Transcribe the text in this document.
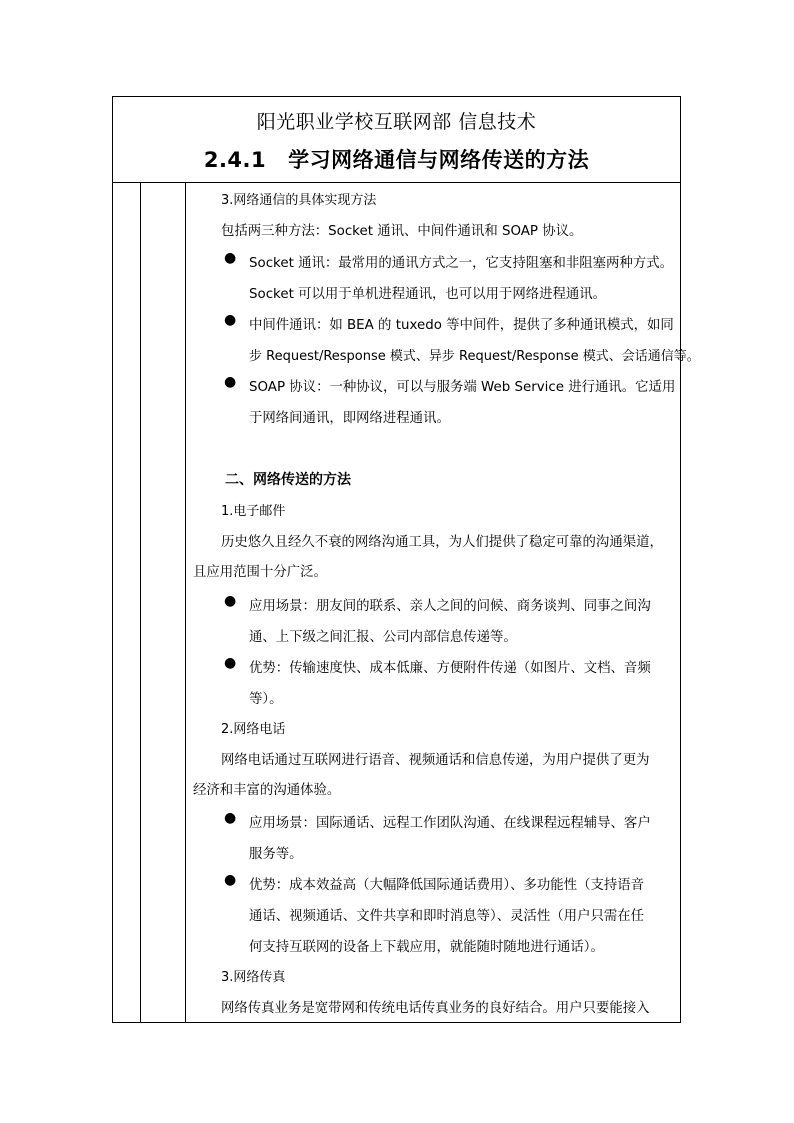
阳光职业学校互联网部 信息技术
2.4.1 学习网络通信与网络传送的方法
3.网络通信的具体实现方法
包括两三种方法：Socket 通讯、中间件通讯和 SOAP 协议。
● Socket 通讯：最常用的通讯方式之一，它支持阻塞和非阻塞两种方式。
Socket 可以用于单机进程通讯，也可以用于网络进程通讯。
● 中间件通讯：如 BEA 的 tuxedo 等中间件，提供了多种通讯模式，如同
步 Request/Response 模式、异步 Request/Response 模式、会话通信等。
● SOAP 协议：一种协议，可以与服务端 Web Service 进行通讯。它适用
于网络间通讯，即网络进程通讯。
二、网络传送的方法
1.电子邮件
历史悠久且经久不衰的网络沟通工具，为人们提供了稳定可靠的沟通渠道，
且应用范围十分广泛。
● 应用场景：朋友间的联系、亲人之间的问候、商务谈判、同事之间沟
通、上下级之间汇报、公司内部信息传递等。
● 优势：传输速度快、成本低廉、方便附件传递（如图片、文档、音频
等）。
2.网络电话
网络电话通过互联网进行语音、视频通话和信息传递，为用户提供了更为
经济和丰富的沟通体验。
● 应用场景：国际通话、远程工作团队沟通、在线课程远程辅导、客户
服务等。
● 优势：成本效益高（大幅降低国际通话费用）、多功能性（支持语音
通话、视频通话、文件共享和即时消息等）、灵活性（用户只需在任
何支持互联网的设备上下载应用，就能随时随地进行通话）。
3.网络传真
网络传真业务是宽带网和传统电话传真业务的良好结合。用户只要能接入
